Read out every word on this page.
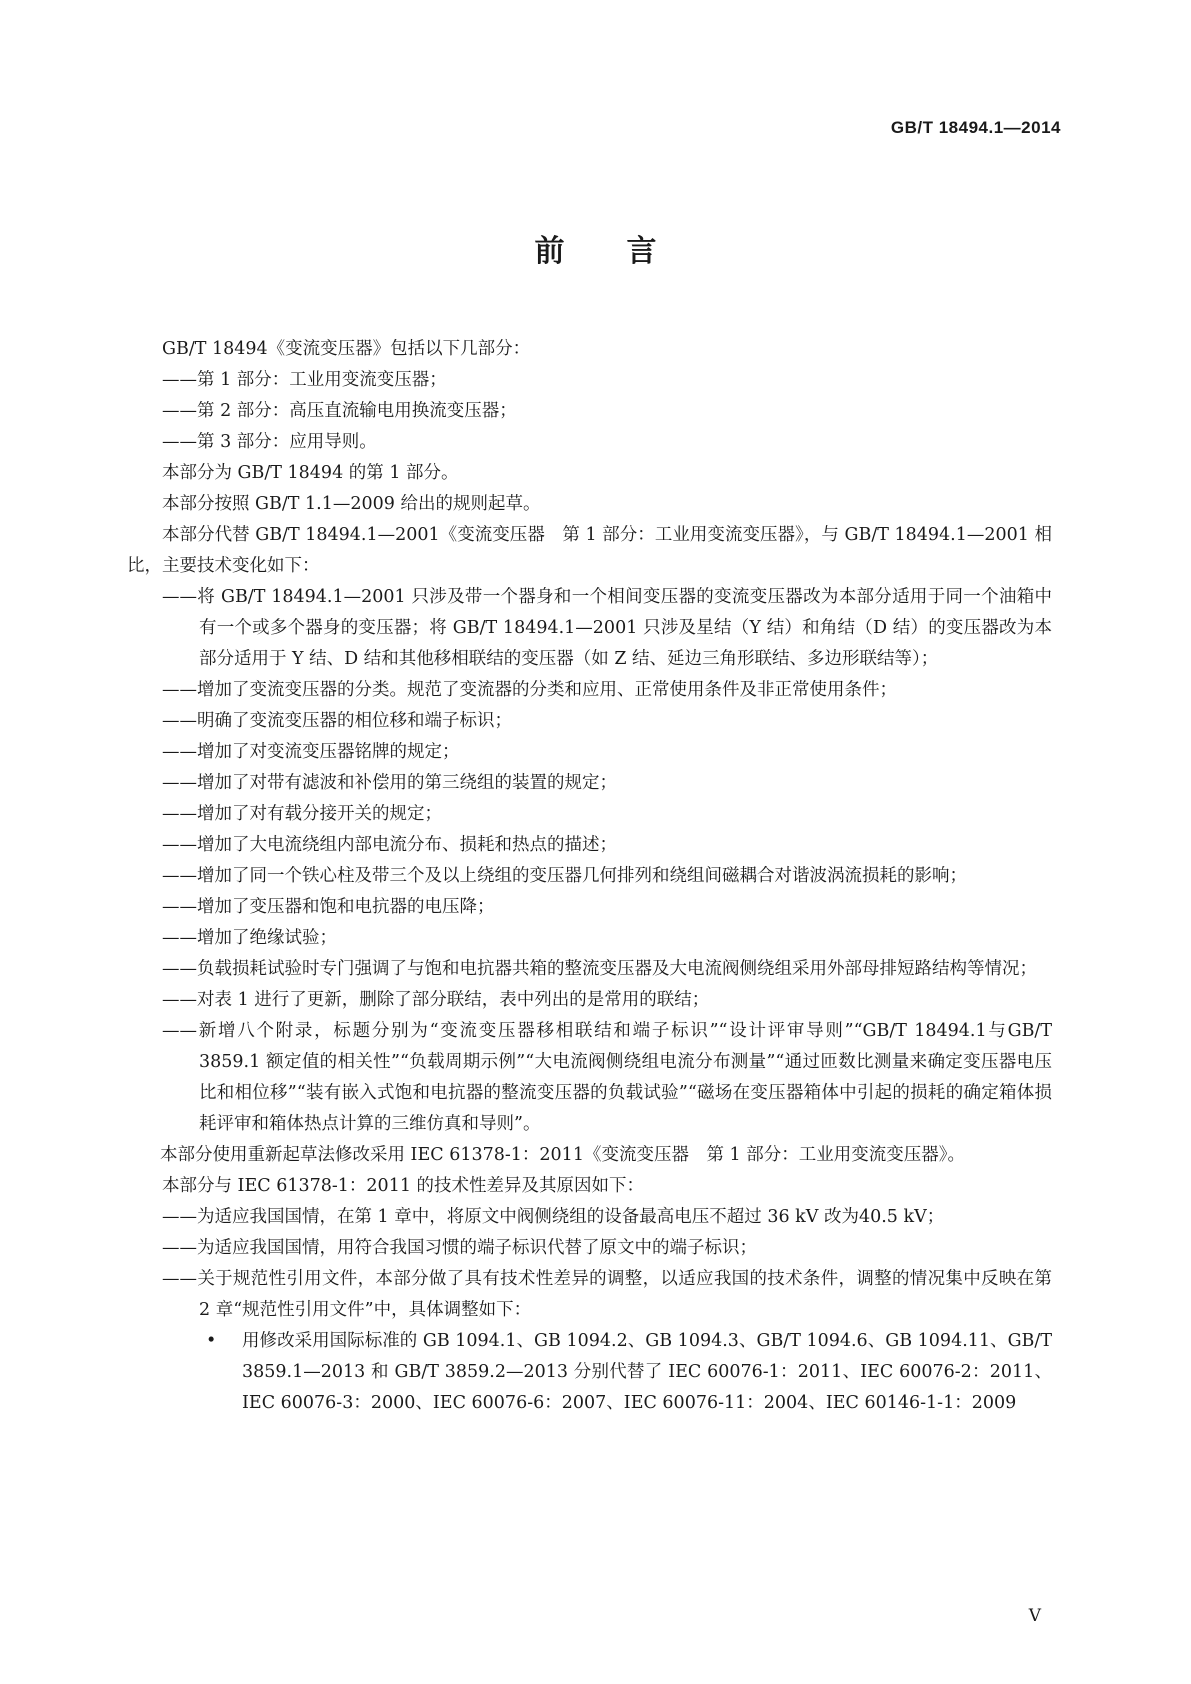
GB/T 18494.1—2014
前 言

GB/T 18494《变流变压器》包括以下几部分：

——第 1 部分：工业用变流变压器；

——第 2 部分：高压直流输电用换流变压器；

——第 3 部分：应用导则。

本部分为 GB/T 18494 的第 1 部分。

本部分按照 GB/T 1.1—2009 给出的规则起草。

本部分代替 GB/T 18494.1—2001《变流变压器　第 1 部分：工业用变流变压器》，与 GB/T 18494.1—2001 相比，主要技术变化如下：

——将 GB/T 18494.1—2001 只涉及带一个器身和一个相间变压器的变流变压器改为本部分适用于同一个油箱中有一个或多个器身的变压器；将 GB/T 18494.1—2001 只涉及星结（Y 结）和角结（D 结）的变压器改为本部分适用于 Y 结、D 结和其他移相联结的变压器（如 Z 结、延边三角形联结、多边形联结等）；

——增加了变流变压器的分类。规范了变流器的分类和应用、正常使用条件及非正常使用条件；

——明确了变流变压器的相位移和端子标识；

——增加了对变流变压器铭牌的规定；

——增加了对带有滤波和补偿用的第三绕组的装置的规定；

——增加了对有载分接开关的规定；

——增加了大电流绕组内部电流分布、损耗和热点的描述；

——增加了同一个铁心柱及带三个及以上绕组的变压器几何排列和绕组间磁耦合对谐波涡流损耗的影响；

——增加了变压器和饱和电抗器的电压降；

——增加了绝缘试验；

——负载损耗试验时专门强调了与饱和电抗器共箱的整流变压器及大电流阀侧绕组采用外部母排短路结构等情况；

——对表 1 进行了更新，删除了部分联结，表中列出的是常用的联结；

——新增八个附录，标题分别为“变流变压器移相联结和端子标识”“设计评审导则”“GB/T 18494.1与GB/T 3859.1 额定值的相关性”“负载周期示例”“大电流阀侧绕组电流分布测量”“通过匝数比测量来确定变压器电压比和相位移”“装有嵌入式饱和电抗器的整流变压器的负载试验”“磁场在变压器箱体中引起的损耗的确定箱体损耗评审和箱体热点计算的三维仿真和导则”。

本部分使用重新起草法修改采用 IEC 61378-1：2011《变流变压器　第 1 部分：工业用变流变压器》。

本部分与 IEC 61378-1：2011 的技术性差异及其原因如下：

——为适应我国国情，在第 1 章中，将原文中阀侧绕组的设备最高电压不超过 36 kV 改为40.5 kV；

——为适应我国国情，用符合我国习惯的端子标识代替了原文中的端子标识；

——关于规范性引用文件，本部分做了具有技术性差异的调整，以适应我国的技术条件，调整的情况集中反映在第 2 章“规范性引用文件”中，具体调整如下：

• 用修改采用国际标准的 GB 1094.1、GB 1094.2、GB 1094.3、GB/T 1094.6、GB 1094.11、GB/T 3859.1—2013 和 GB/T 3859.2—2013 分别代替了 IEC 60076-1：2011、IEC 60076-2：2011、IEC 60076-3：2000、IEC 60076-6：2007、IEC 60076-11：2004、IEC 60146-1-1：2009

V
